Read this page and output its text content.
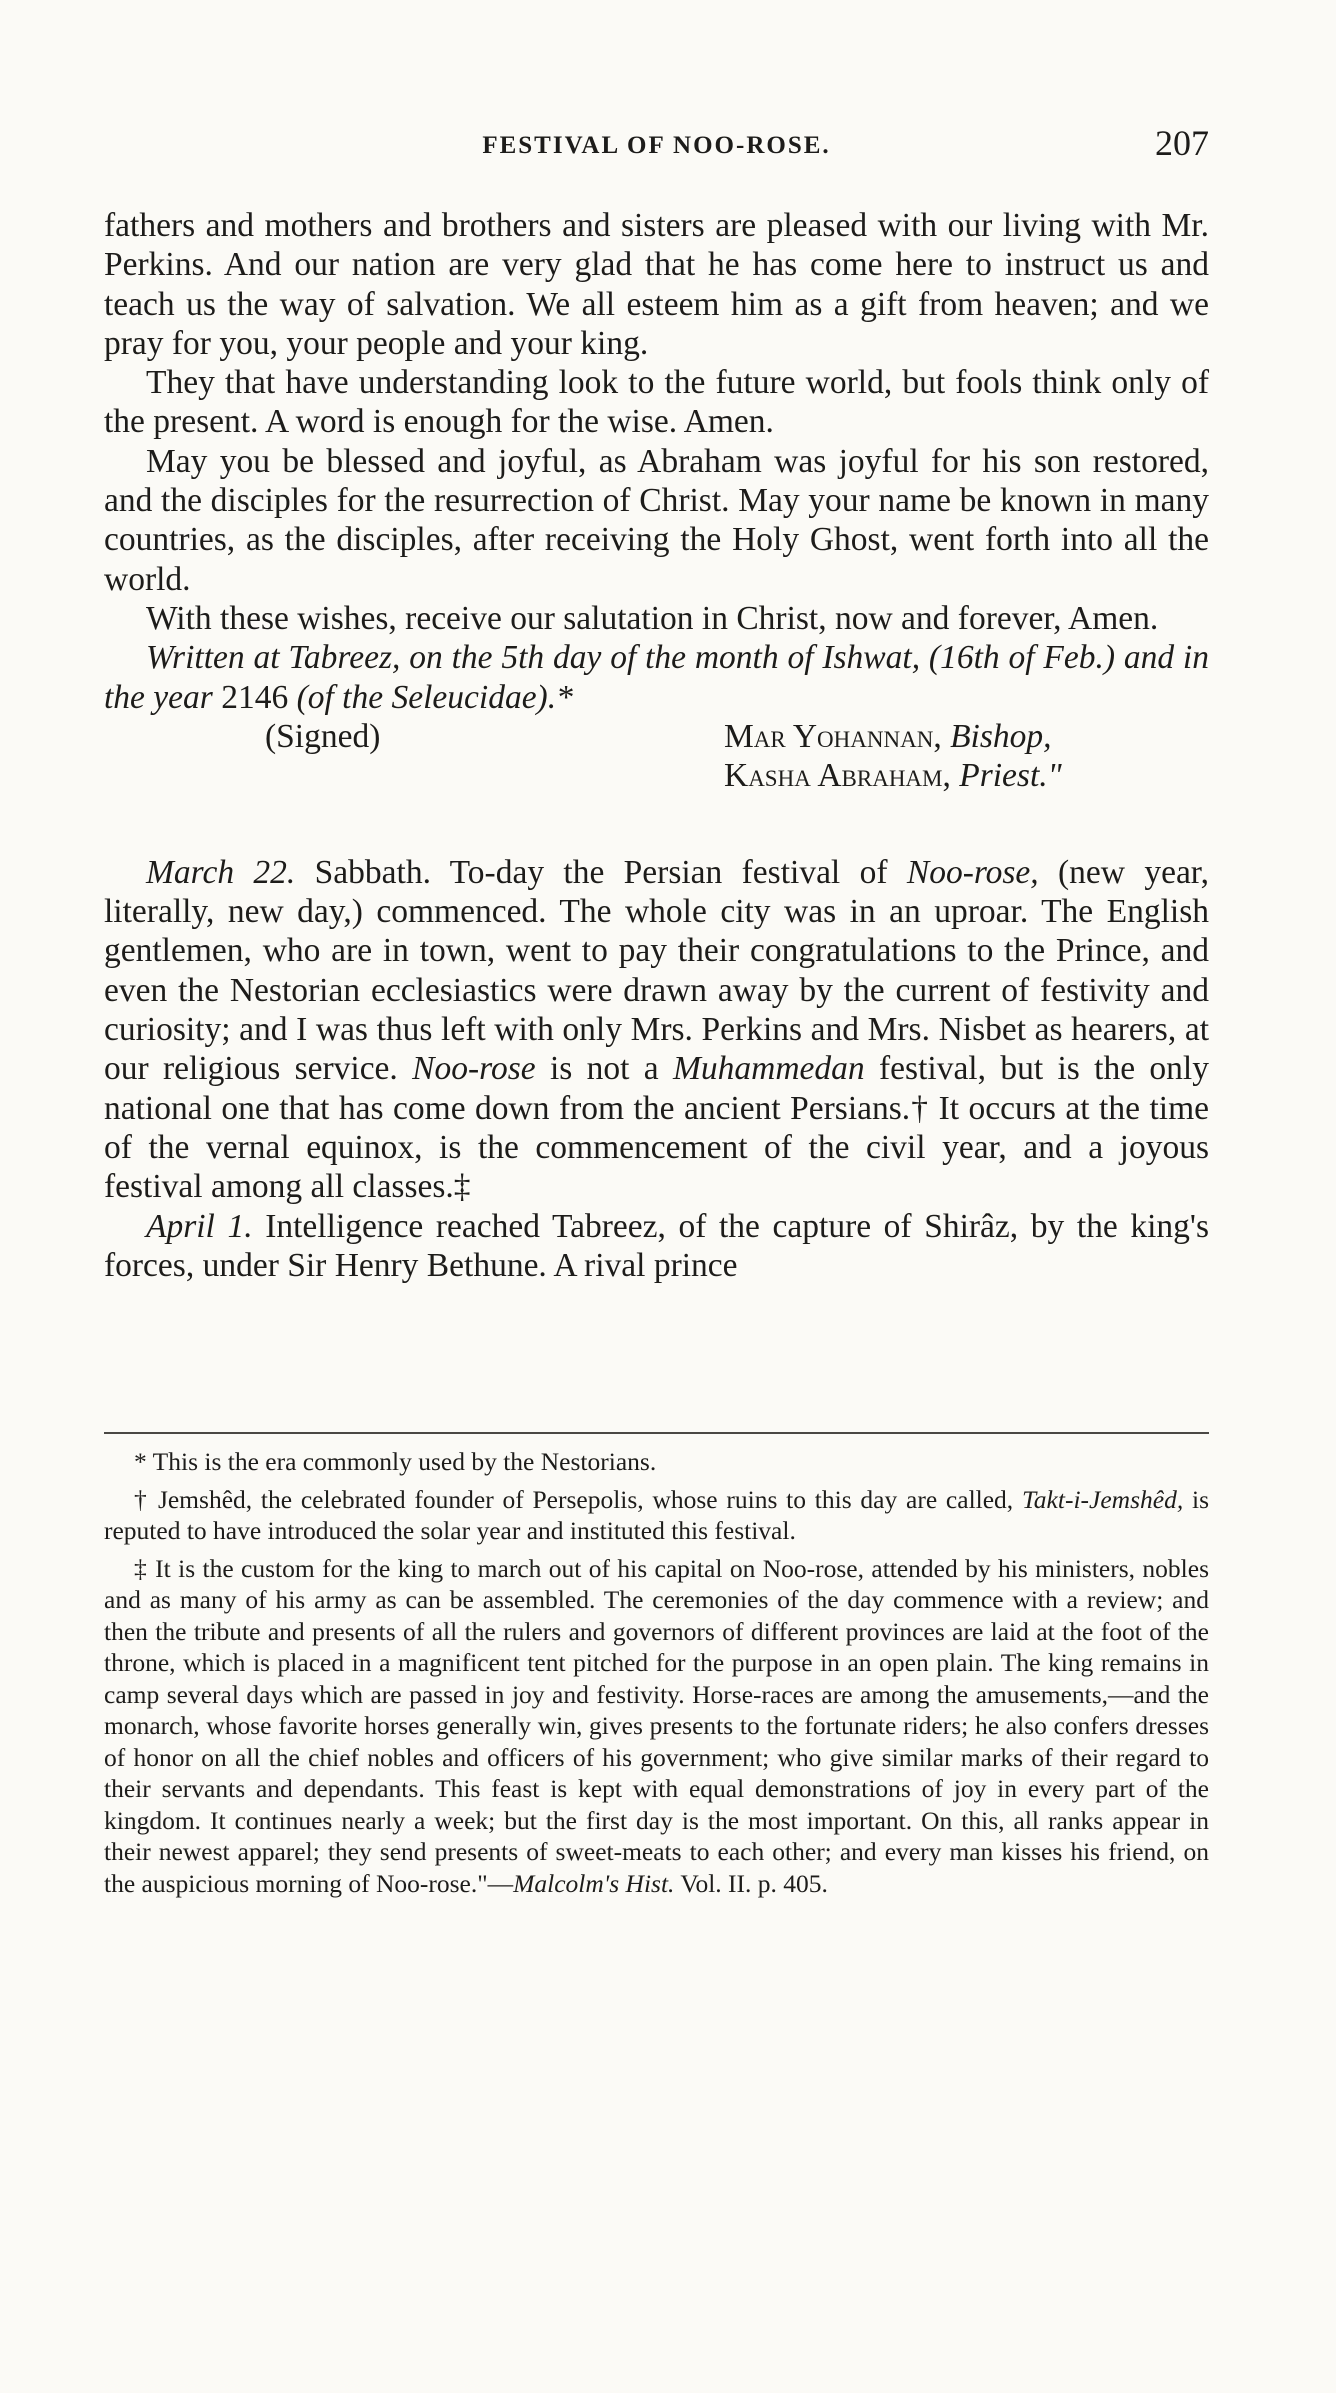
FESTIVAL OF NOO-ROSE.	207

fathers and mothers and brothers and sisters are pleased with our living with Mr. Perkins. And our nation are very glad that he has come here to instruct us and teach us the way of salvation. We all esteem him as a gift from heaven; and we pray for you, your people and your king.

They that have understanding look to the future world, but fools think only of the present. A word is enough for the wise. Amen.

May you be blessed and joyful, as Abraham was joyful for his son restored, and the disciples for the resurrection of Christ. May your name be known in many countries, as the disciples, after receiving the Holy Ghost, went forth into all the world.

With these wishes, receive our salutation in Christ, now and forever, Amen.

Written at Tabreez, on the 5th day of the month of Ishwat, (16th of Feb.) and in the year 2146 (of the Seleucidae).*

(Signed)	Mar Yohannan, Bishop,
Kasha Abraham, Priest."

March 22. Sabbath. To-day the Persian festival of Noo-rose, (new year, literally, new day,) commenced. The whole city was in an uproar. The English gentlemen, who are in town, went to pay their congratulations to the Prince, and even the Nestorian ecclesiastics were drawn away by the current of festivity and curiosity; and I was thus left with only Mrs. Perkins and Mrs. Nisbet as hearers, at our religious service. Noo-rose is not a Muhammedan festival, but is the only national one that has come down from the ancient Persians.† It occurs at the time of the vernal equinox, is the commencement of the civil year, and a joyous festival among all classes.‡

April 1. Intelligence reached Tabreez, of the capture of Shirâz, by the king's forces, under Sir Henry Bethune. A rival prince

* This is the era commonly used by the Nestorians.

† Jemshêd, the celebrated founder of Persepolis, whose ruins to this day are called, Takt-i-Jemshêd, is reputed to have introduced the solar year and instituted this festival.

‡ It is the custom for the king to march out of his capital on Noo-rose, attended by his ministers, nobles and as many of his army as can be assembled. The ceremonies of the day commence with a review; and then the tribute and presents of all the rulers and governors of different provinces are laid at the foot of the throne, which is placed in a magnificent tent pitched for the purpose in an open plain. The king remains in camp several days which are passed in joy and festivity. Horse-races are among the amusements,—and the monarch, whose favorite horses generally win, gives presents to the fortunate riders; he also confers dresses of honor on all the chief nobles and officers of his government; who give similar marks of their regard to their servants and dependants. This feast is kept with equal demonstrations of joy in every part of the kingdom. It continues nearly a week; but the first day is the most important. On this, all ranks appear in their newest apparel; they send presents of sweet-meats to each other; and every man kisses his friend, on the auspicious morning of Noo-rose."—Malcolm's Hist. Vol. II. p. 405.
